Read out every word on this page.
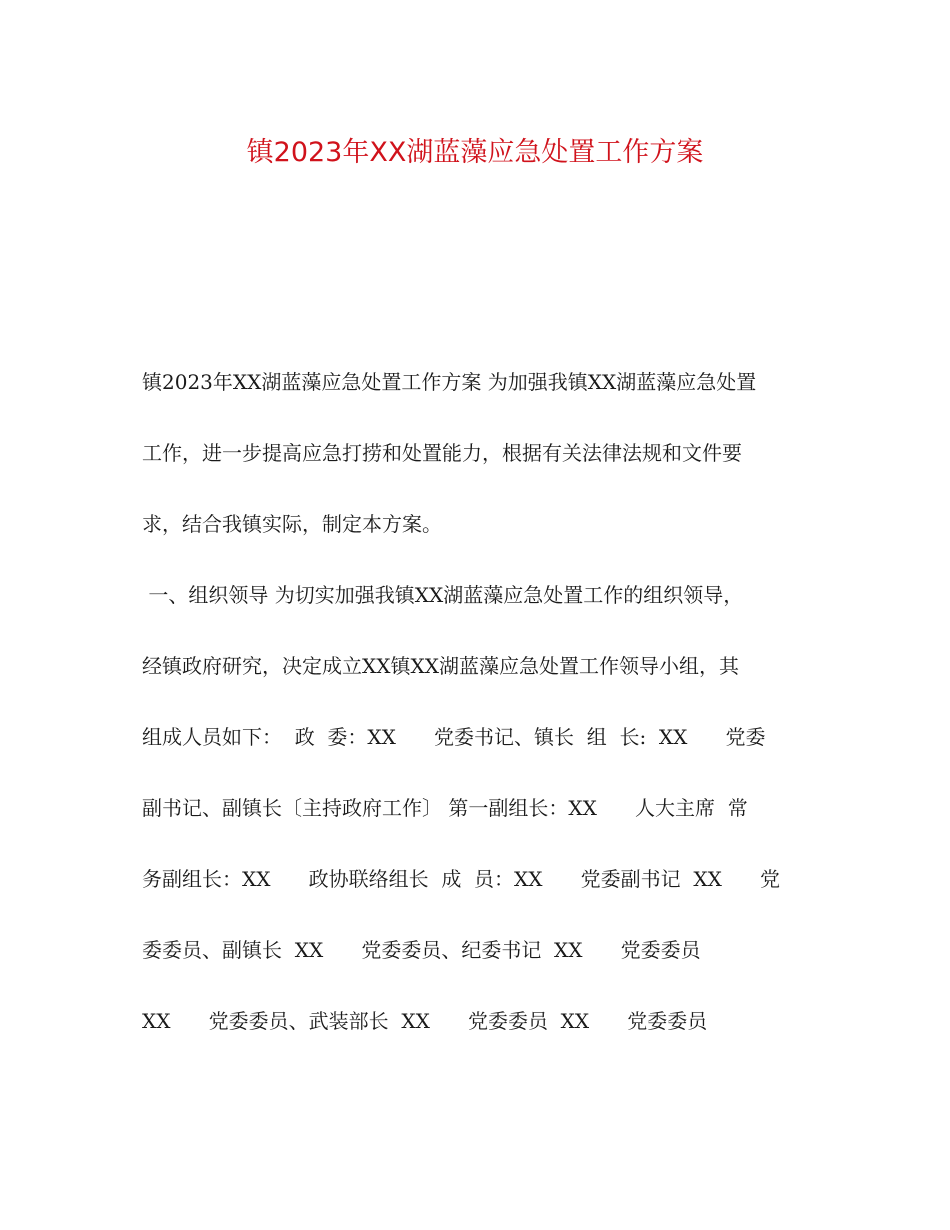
镇2023年XX湖蓝藻应急处置工作方案
镇2023年XX湖蓝藻应急处置工作方案 为加强我镇XX湖蓝藻应急处置
工作，进一步提高应急打捞和处置能力，根据有关法律法规和文件要
求，结合我镇实际，制定本方案。
一、组织领导 为切实加强我镇XX湖蓝藻应急处置工作的组织领导，
经镇政府研究，决定成立XX镇XX湖蓝藻应急处置工作领导小组，其
组成人员如下：  政  委：XX      党委书记、镇长  组  长:  XX      党委
副书记、副镇长〔主持政府工作〕 第一副组长：XX      人大主席  常
务副组长：XX      政协联络组长  成  员：XX      党委副书记  XX      党
委委员、副镇长  XX      党委委员、纪委书记  XX      党委委员
XX      党委委员、武装部长  XX      党委委员  XX      党委委员
